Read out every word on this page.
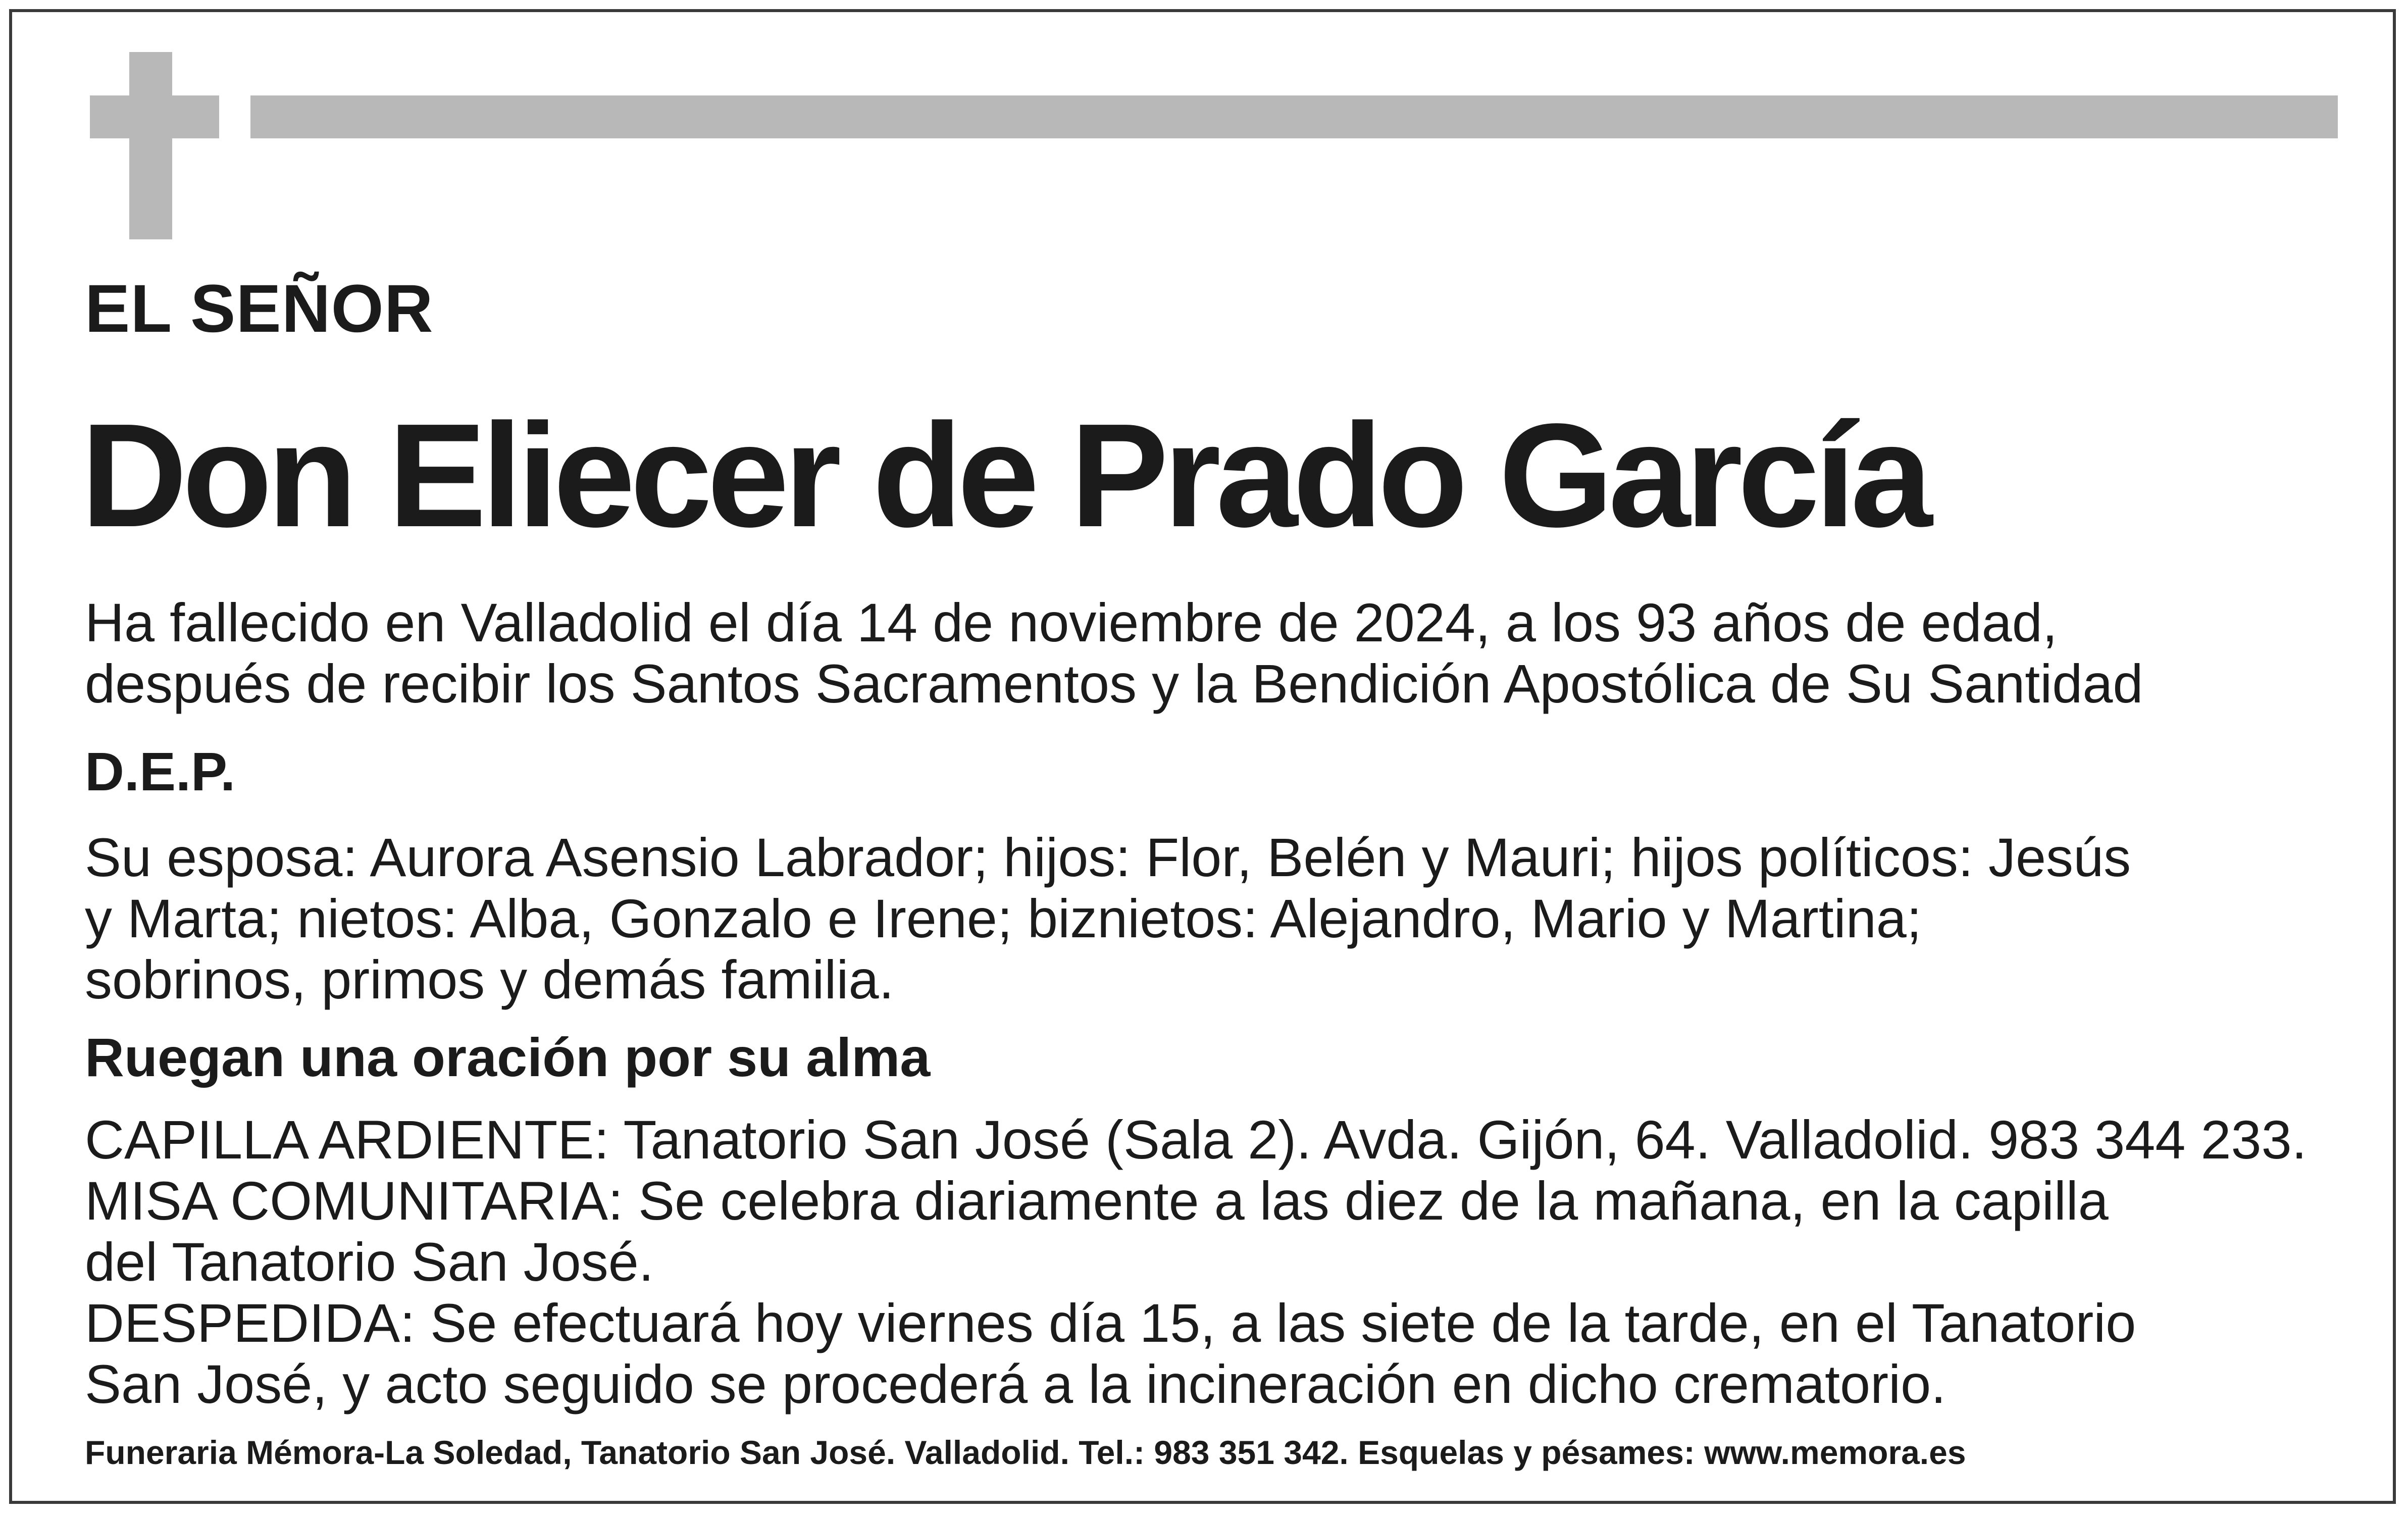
EL SEÑOR
Don Eliecer de Prado García
Ha fallecido en Valladolid el día 14 de noviembre de 2024, a los 93 años de edad,
después de recibir los Santos Sacramentos y la Bendición Apostólica de Su Santidad
D.E.P.
Su esposa: Aurora Asensio Labrador; hijos: Flor, Belén y Mauri; hijos políticos: Jesús
y Marta; nietos: Alba, Gonzalo e Irene; biznietos: Alejandro, Mario y Martina;
sobrinos, primos y demás familia.
Ruegan una oración por su alma
CAPILLA ARDIENTE: Tanatorio San José (Sala 2). Avda. Gijón, 64. Valladolid. 983 344 233.
MISA COMUNITARIA: Se celebra diariamente a las diez de la mañana, en la capilla
del Tanatorio San José.
DESPEDIDA: Se efectuará hoy viernes día 15, a las siete de la tarde, en el Tanatorio
San José, y acto seguido se procederá a la incineración en dicho crematorio.
Funeraria Mémora-La Soledad, Tanatorio San José. Valladolid. Tel.: 983 351 342. Esquelas y pésames: www.memora.es
